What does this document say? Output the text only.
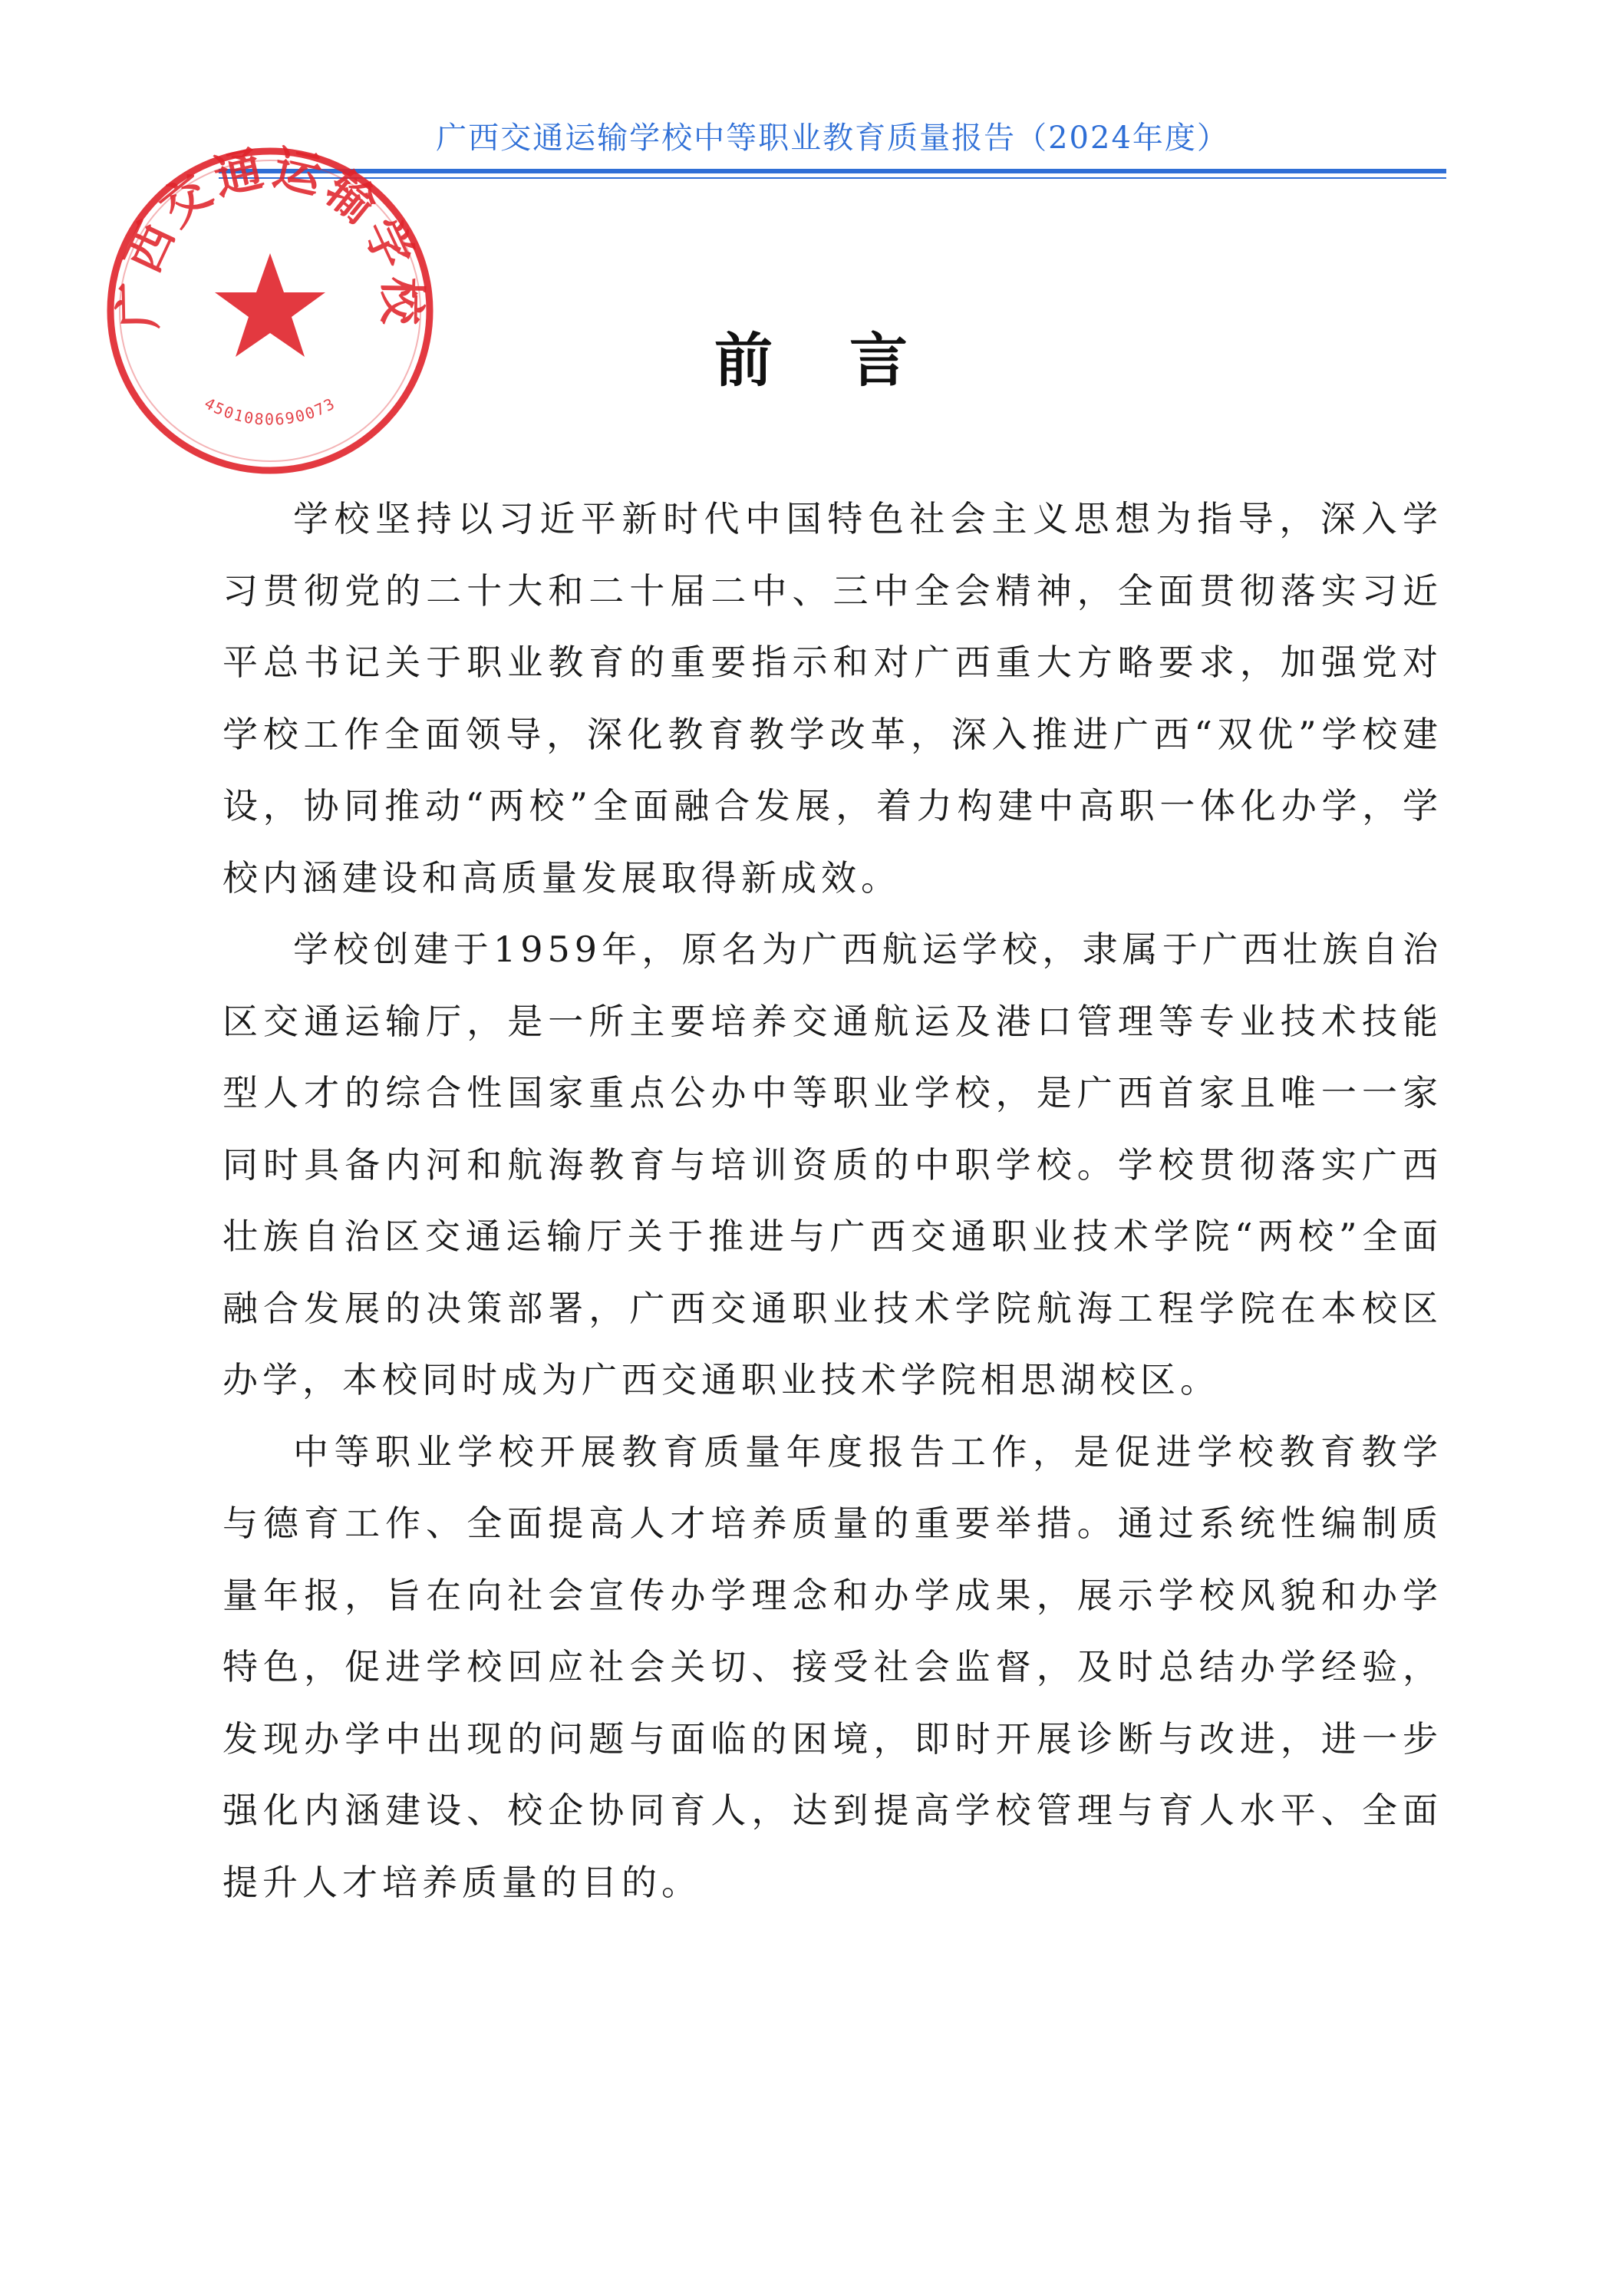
广西交通运输学校中等职业教育质量报告（2024年度）
广西交通运输学校
4501080690073
前 言

学校坚持以习近平新时代中国特色社会主义思想为指导，深入学习贯彻党的二十大和二十届二中、三中全会精神，全面贯彻落实习近平总书记关于职业教育的重要指示和对广西重大方略要求，加强党对学校工作全面领导，深化教育教学改革，深入推进广西“双优”学校建设，协同推动“两校”全面融合发展，着力构建中高职一体化办学，学校内涵建设和高质量发展取得新成效。

学校创建于1959年，原名为广西航运学校，隶属于广西壮族自治区交通运输厅，是一所主要培养交通航运及港口管理等专业技术技能型人才的综合性国家重点公办中等职业学校，是广西首家且唯一一家同时具备内河和航海教育与培训资质的中职学校。学校贯彻落实广西壮族自治区交通运输厅关于推进与广西交通职业技术学院“两校”全面融合发展的决策部署，广西交通职业技术学院航海工程学院在本校区办学，本校同时成为广西交通职业技术学院相思湖校区。

中等职业学校开展教育质量年度报告工作，是促进学校教育教学与德育工作、全面提高人才培养质量的重要举措。通过系统性编制质量年报，旨在向社会宣传办学理念和办学成果，展示学校风貌和办学特色，促进学校回应社会关切、接受社会监督，及时总结办学经验，发现办学中出现的问题与面临的困境，即时开展诊断与改进，进一步强化内涵建设、校企协同育人，达到提高学校管理与育人水平、全面提升人才培养质量的目的。
